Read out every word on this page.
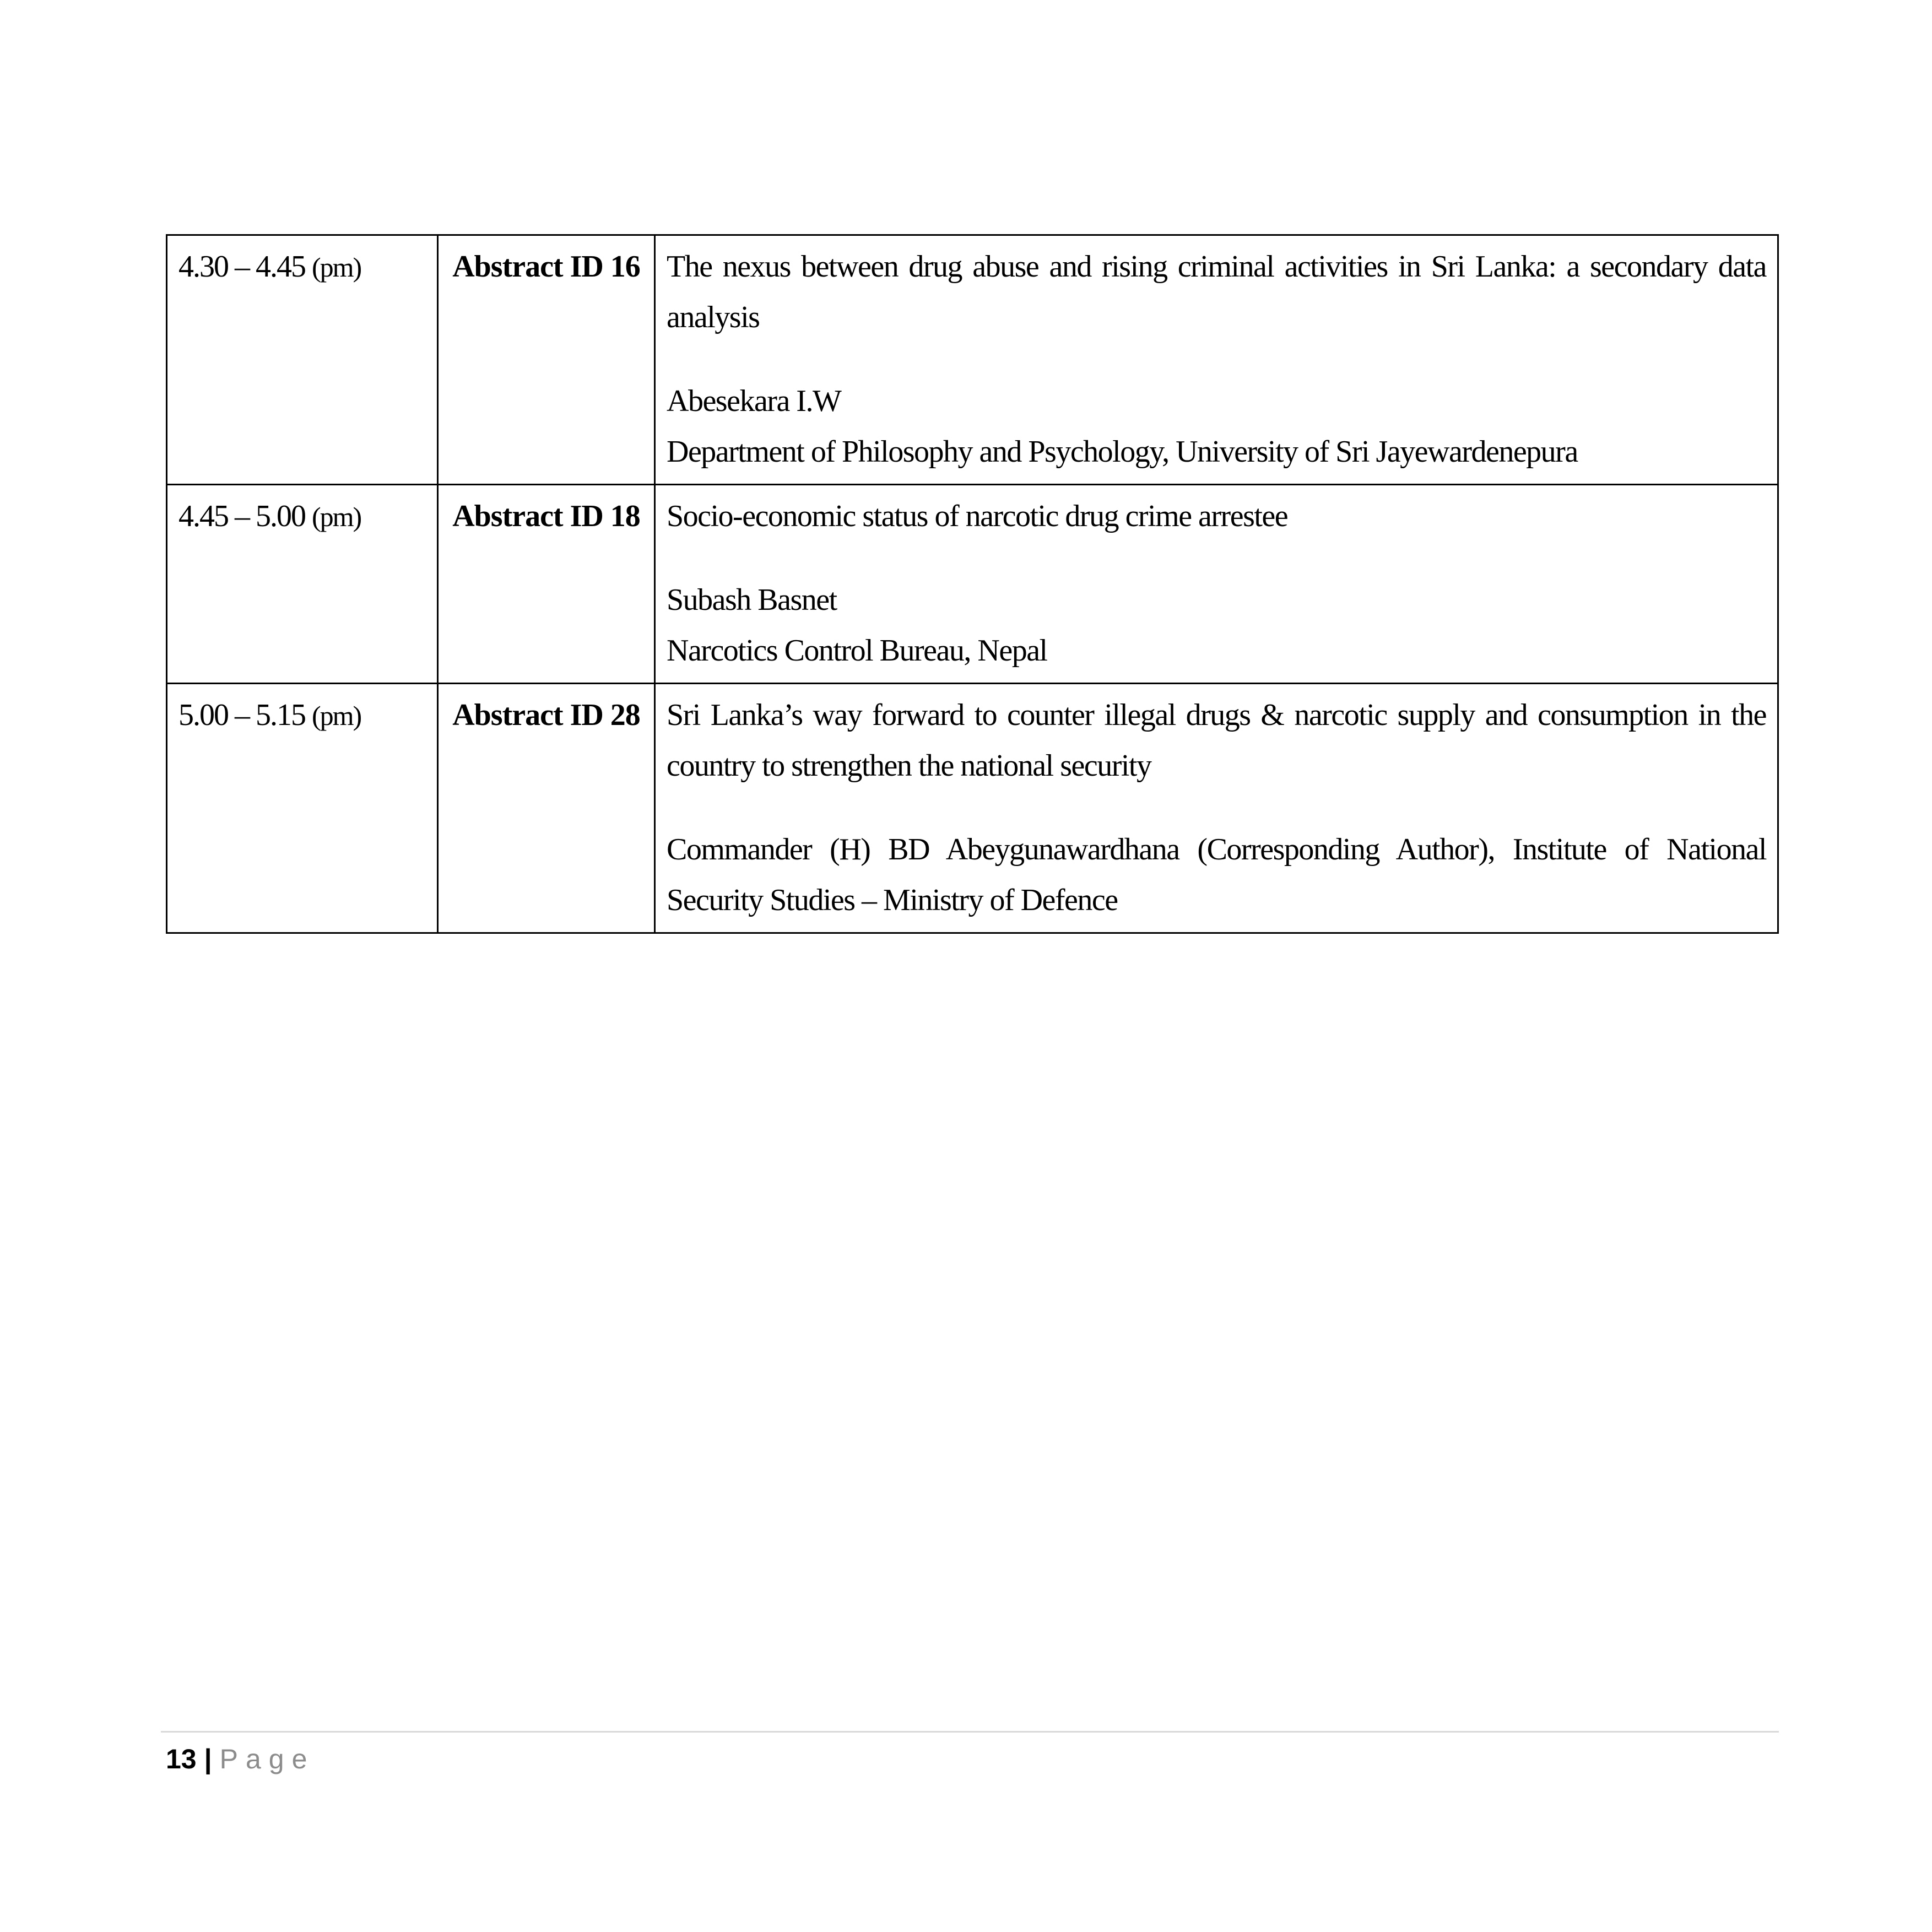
4.30 – 4.45 (pm)	Abstract ID 16	The nexus between drug abuse and rising criminal activities in Sri Lanka: a secondary data analysis
Abesekara I.W
Department of Philosophy and Psychology, University of Sri Jayewardenepura

4.45 – 5.00 (pm)	Abstract ID 18	Socio-economic status of narcotic drug crime arrestee
Subash Basnet
Narcotics Control Bureau, Nepal

5.00 – 5.15 (pm)	Abstract ID 28	Sri Lanka’s way forward to counter illegal drugs & narcotic supply and consumption in the country to strengthen the national security
Commander (H) BD Abeygunawardhana (Corresponding Author), Institute of National Security Studies – Ministry of Defence
13 | Page
